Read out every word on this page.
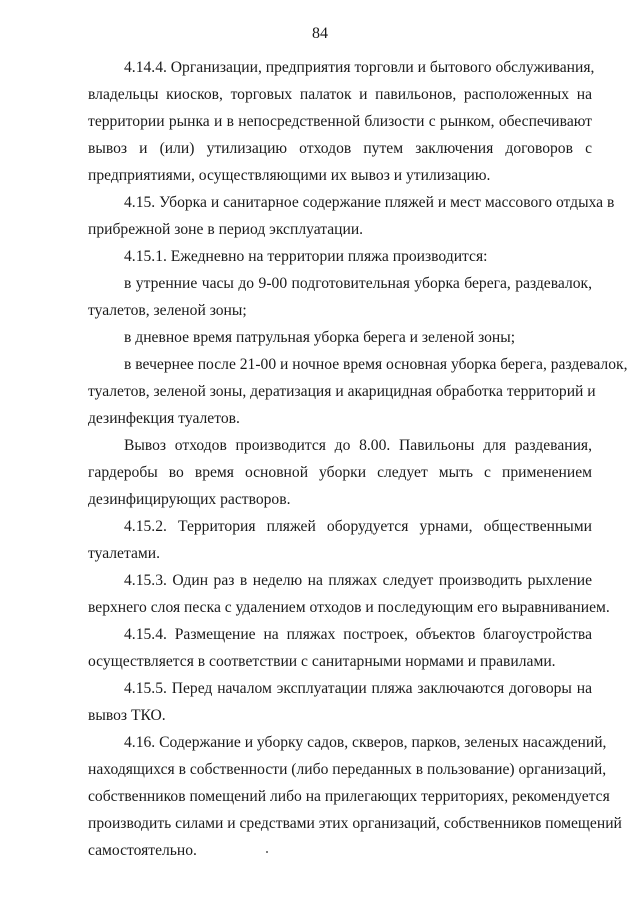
84
4.14.4. Организации, предприятия торговли и бытового обслуживания,
владельцы киосков, торговых палаток и павильонов, расположенных на
территории рынка и в непосредственной близости с рынком, обеспечивают
вывоз и (или) утилизацию отходов путем заключения договоров с
предприятиями, осуществляющими их вывоз и утилизацию.
4.15. Уборка и санитарное содержание пляжей и мест массового отдыха в
прибрежной зоне в период эксплуатации.
4.15.1. Ежедневно на территории пляжа производится:
в утренние часы до 9-00 подготовительная уборка берега, раздевалок,
туалетов, зеленой зоны;
в дневное время патрульная уборка берега и зеленой зоны;
в вечернее после 21-00 и ночное время основная уборка берега, раздевалок,
туалетов, зеленой зоны, дератизация и акарицидная обработка территорий и
дезинфекция туалетов.
Вывоз отходов производится до 8.00. Павильоны для раздевания,
гардеробы во время основной уборки следует мыть с применением
дезинфицирующих растворов.
4.15.2. Территория пляжей оборудуется урнами, общественными
туалетами.
4.15.3. Один раз в неделю на пляжах следует производить рыхление
верхнего слоя песка с удалением отходов и последующим его выравниванием.
4.15.4. Размещение на пляжах построек, объектов благоустройства
осуществляется в соответствии с санитарными нормами и правилами.
4.15.5. Перед началом эксплуатации пляжа заключаются договоры на
вывоз ТКО.
4.16. Содержание и уборку садов, скверов, парков, зеленых насаждений,
находящихся в собственности (либо переданных в пользование) организаций,
собственников помещений либо на прилегающих территориях, рекомендуется
производить силами и средствами этих организаций, собственников помещений
самостоятельно.
